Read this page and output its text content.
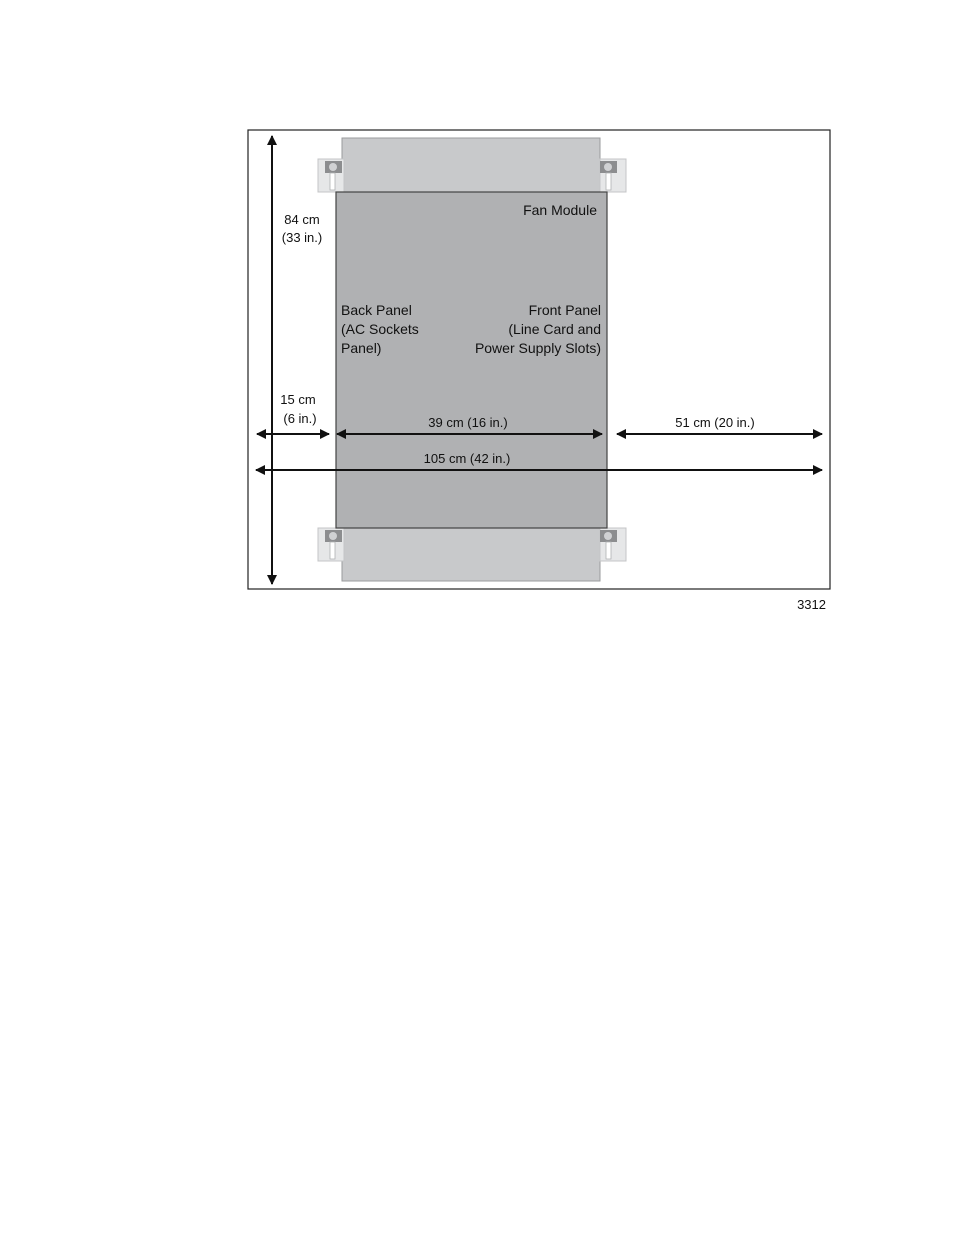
Fan Module
Back Panel
(AC Sockets
Panel)
Front Panel
(Line Card and
Power Supply Slots)
84 cm
(33 in.)
15 cm
(6 in.)	39 cm (16 in.)	51 cm (20 in.)
105 cm (42 in.)
3312
